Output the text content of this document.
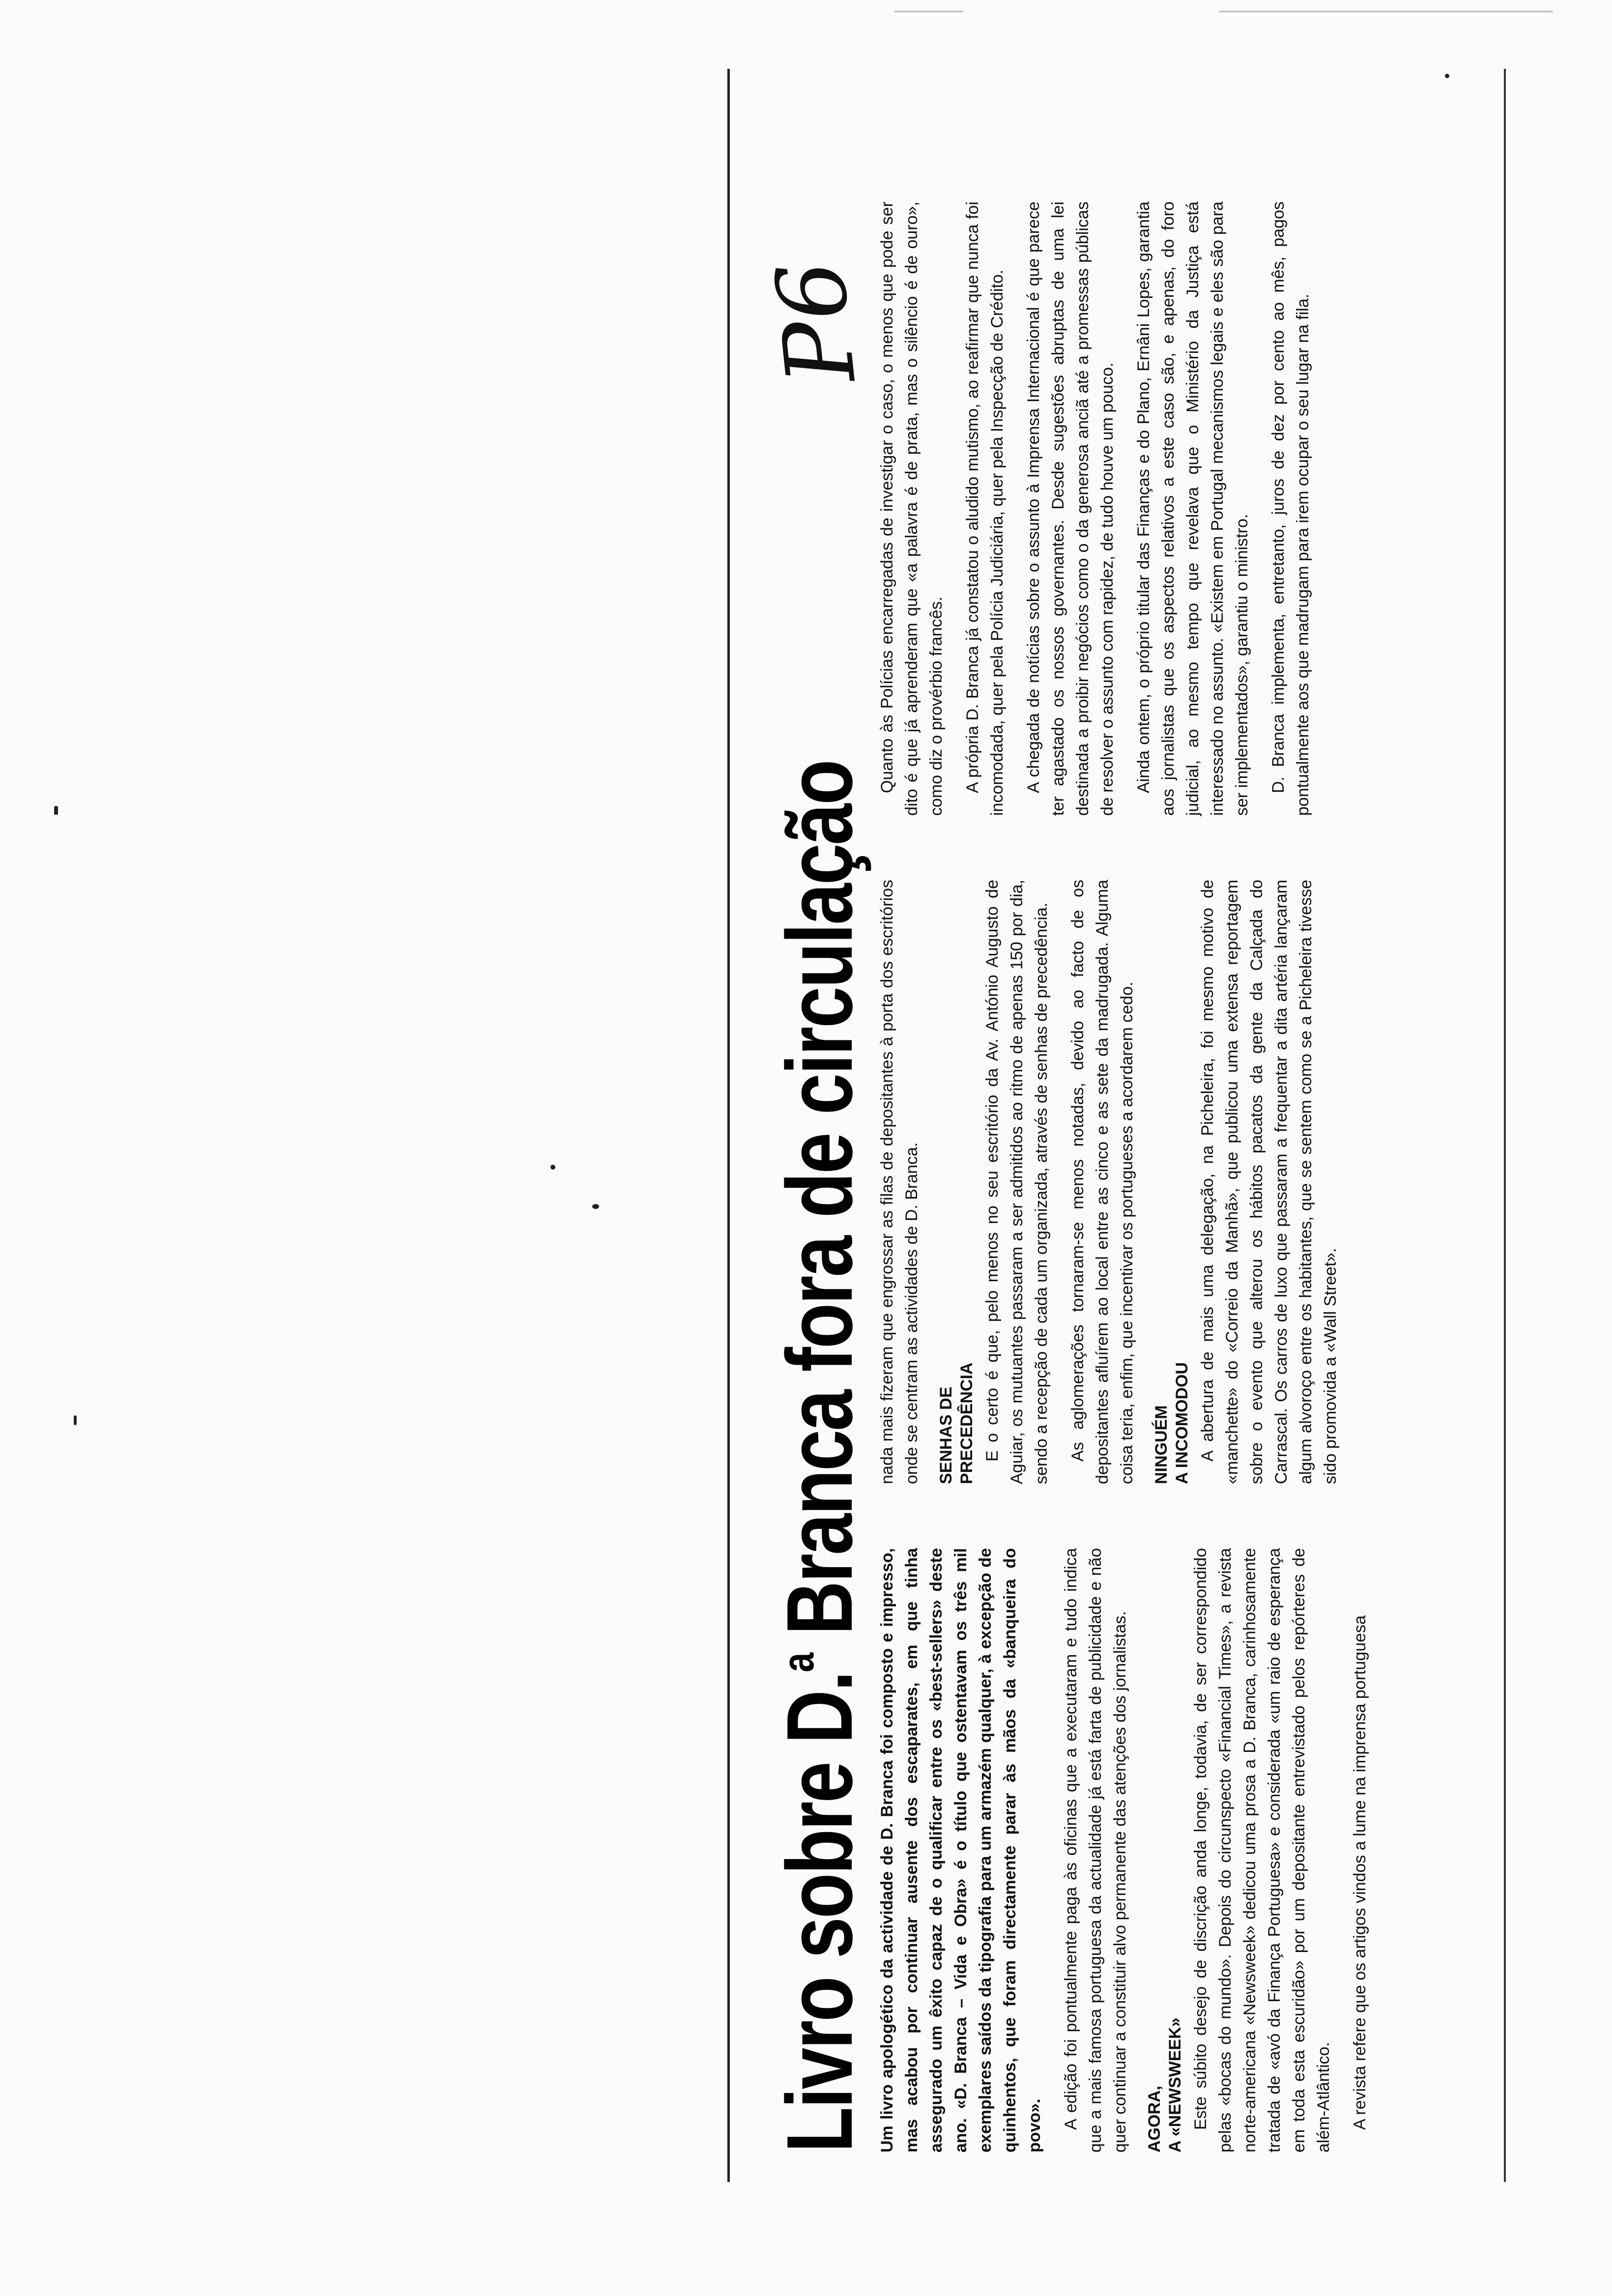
Livro sobre D.$^a$ Branca fora de circulação
P6

Um livro apologético da actividade de D. Branca foi composto e impresso, mas acabou por continuar ausente dos escaparates, em que tinha assegurado um êxito capaz de o qualificar entre os «best-sellers» deste ano. «D. Branca – Vida e Obra» é o título que ostentavam os três mil exemplares saídos da tipografia para um armazém qualquer, à excepção de quinhentos, que foram directamente parar às mãos da «banqueira do povo». A edição foi pontualmente paga às oficinas que a executaram e tudo indica que a mais famosa portuguesa da actualidade já está farta de publicidade e não quer continuar a constituir alvo permanente das atenções dos jornalistas. AGORA, A «NEWSWEEK» Este súbito desejo de discrição anda longe, todavia, de ser correspondido pelas «bocas do mundo». Depois do circunspecto «Financial Times», a revista norte-americana «Newsweek» dedicou uma prosa a D. Branca, carinhosamente tratada de «avó da Finança Portuguesa» e considerada «um raio de esperança em toda esta escuridão» por um depositante entrevistado pelos repórteres de além-Atlântico. A revista refere que os artigos vindos a lume na imprensa portuguesa

nada mais fizeram que engrossar as filas de depositantes à porta dos escritórios onde se centram as actividades de D. Branca. SENHAS DE PRECEDÊNCIA E o certo é que, pelo menos no seu escritório da Av. António Augusto de Aguiar, os mutuantes passaram a ser admitidos ao ritmo de apenas 150 por dia, sendo a recepção de cada um organizada, através de senhas de precedência. As aglomerações tornaram-se menos notadas, devido ao facto de os depositantes afluírem ao local entre as cinco e as sete da madrugada. Alguma coisa teria, enfim, que incentivar os portugueses a acordarem cedo. NINGUÉM A INCOMODOU A abertura de mais uma delegação, na Picheleira, foi mesmo motivo de «manchette» do «Correio da Manhã», que publicou uma extensa reportagem sobre o evento que alterou os hábitos pacatos da gente da Calçada do Carrascal. Os carros de luxo que passaram a frequentar a dita artéria lançaram algum alvoroço entre os habitantes, que se sentem como se a Picheleira tivesse sido promovida a «Wall Street».

Quanto às Polícias encarregadas de investigar o caso, o menos que pode ser dito é que já aprenderam que «a palavra é de prata, mas o silêncio é de ouro», como diz o provérbio francês. A própria D. Branca já constatou o aludido mutismo, ao reafirmar que nunca foi incomodada, quer pela Polícia Judiciária, quer pela Inspecção de Crédito. A chegada de notícias sobre o assunto à Imprensa Internacional é que parece ter agastado os nossos governantes. Desde sugestões abruptas de uma lei destinada a proibir negócios como o da generosa anciã até a promessas públicas de resolver o assunto com rapidez, de tudo houve um pouco. Ainda ontem, o próprio titular das Finanças e do Plano, Ernâni Lopes, garantia aos jornalistas que os aspectos relativos a este caso são, e apenas, do foro judicial, ao mesmo tempo que revelava que o Ministério da Justiça está interessado no assunto. «Existem em Portugal mecanismos legais e eles são para ser implementados», garantiu o ministro. D. Branca implementa, entretanto, juros de dez por cento ao mês, pagos pontualmente aos que madrugam para irem ocupar o seu lugar na fila.
